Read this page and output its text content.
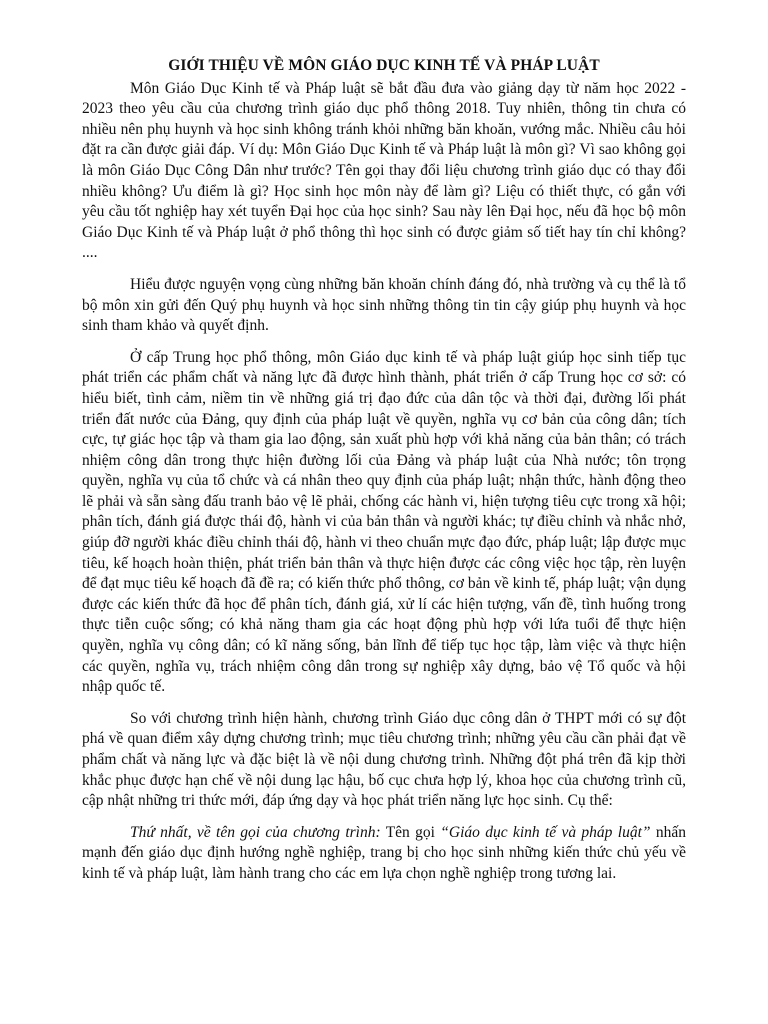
GIỚI THIỆU VỀ MÔN GIÁO DỤC KINH TẾ VÀ PHÁP LUẬT

Môn Giáo Dục Kinh tế và Pháp luật sẽ bắt đầu đưa vào giảng dạy từ năm học 2022 - 2023 theo yêu cầu của chương trình giáo dục phổ thông 2018. Tuy nhiên, thông tin chưa có nhiều nên phụ huynh và học sinh không tránh khỏi những băn khoăn, vướng mắc. Nhiều câu hỏi đặt ra cần được giải đáp. Ví dụ: Môn Giáo Dục Kinh tế và Pháp luật là môn gì? Vì sao không gọi là môn Giáo Dục Công Dân như trước? Tên gọi thay đổi liệu chương trình giáo dục có thay đổi nhiều không? Ưu điểm là gì? Học sinh học môn này để làm gì? Liệu có thiết thực, có gắn với yêu cầu tốt nghiệp hay xét tuyển Đại học của học sinh? Sau này lên Đại học, nếu đã học bộ môn Giáo Dục Kinh tế và Pháp luật ở phổ thông thì học sinh có được giảm số tiết hay tín chỉ không? ....

Hiểu được nguyện vọng cùng những băn khoăn chính đáng đó, nhà trường và cụ thể là tổ bộ môn xin gửi đến Quý phụ huynh và học sinh những thông tin tin cậy giúp phụ huynh và học sinh tham khảo và quyết định.

Ở cấp Trung học phổ thông, môn Giáo dục kinh tế và pháp luật giúp học sinh tiếp tục phát triển các phẩm chất và năng lực đã được hình thành, phát triển ở cấp Trung học cơ sở: có hiểu biết, tình cảm, niềm tin về những giá trị đạo đức của dân tộc và thời đại, đường lối phát triển đất nước của Đảng, quy định của pháp luật về quyền, nghĩa vụ cơ bản của công dân; tích cực, tự giác học tập và tham gia lao động, sản xuất phù hợp với khả năng của bản thân; có trách nhiệm công dân trong thực hiện đường lối của Đảng và pháp luật của Nhà nước; tôn trọng quyền, nghĩa vụ của tổ chức và cá nhân theo quy định của pháp luật; nhận thức, hành động theo lẽ phải và sẵn sàng đấu tranh bảo vệ lẽ phải, chống các hành vi, hiện tượng tiêu cực trong xã hội; phân tích, đánh giá được thái độ, hành vi của bản thân và người khác; tự điều chỉnh và nhắc nhở, giúp đỡ người khác điều chỉnh thái độ, hành vi theo chuẩn mực đạo đức, pháp luật; lập được mục tiêu, kế hoạch hoàn thiện, phát triển bản thân và thực hiện được các công việc học tập, rèn luyện để đạt mục tiêu kế hoạch đã đề ra; có kiến thức phổ thông, cơ bản về kinh tế, pháp luật; vận dụng được các kiến thức đã học để phân tích, đánh giá, xử lí các hiện tượng, vấn đề, tình huống trong thực tiễn cuộc sống; có khả năng tham gia các hoạt động phù hợp với lứa tuổi để thực hiện quyền, nghĩa vụ công dân; có kĩ năng sống, bản lĩnh để tiếp tục học tập, làm việc và thực hiện các quyền, nghĩa vụ, trách nhiệm công dân trong sự nghiệp xây dựng, bảo vệ Tổ quốc và hội nhập quốc tế.

So với chương trình hiện hành, chương trình Giáo dục công dân ở THPT mới có sự đột phá về quan điểm xây dựng chương trình; mục tiêu chương trình; những yêu cầu cần phải đạt về phẩm chất và năng lực và đặc biệt là về nội dung chương trình. Những đột phá trên đã kịp thời khắc phục được hạn chế về nội dung lạc hậu, bố cục chưa hợp lý, khoa học của chương trình cũ, cập nhật những tri thức mới, đáp ứng dạy và học phát triển năng lực học sinh. Cụ thể:

Thứ nhất, về tên gọi của chương trình: Tên gọi “Giáo dục kinh tế và pháp luật” nhấn mạnh đến giáo dục định hướng nghề nghiệp, trang bị cho học sinh những kiến thức chủ yếu về kinh tế và pháp luật, làm hành trang cho các em lựa chọn nghề nghiệp trong tương lai.
